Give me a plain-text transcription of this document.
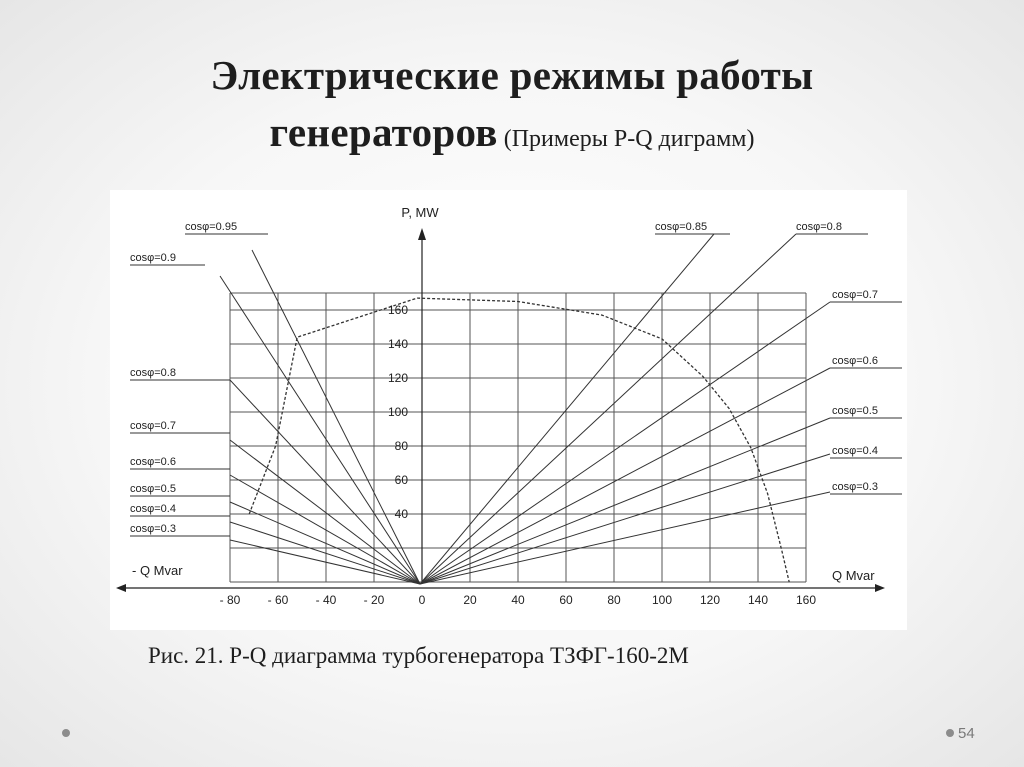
Электрические режимы работы
генераторов (Примеры P-Q диграмм)
P, MW
Q Mvar
- Q Mvar
- 80 - 60 - 40 - 20	0	20	40	60	80	100 120 140 160
40
60
80
100
120
140
160
cosφ=0.95
cosφ=0.9
cosφ=0.8
cosφ=0.7
cosφ=0.6
cosφ=0.5
cosφ=0.4
cosφ=0.3
cosφ=0.85	cosφ=0.8
cosφ=0.7
cosφ=0.6
cosφ=0.5
cosφ=0.4
cosφ=0.3
Рис. 21. P-Q диаграмма турбогенератора ТЗФГ-160-2М
54
